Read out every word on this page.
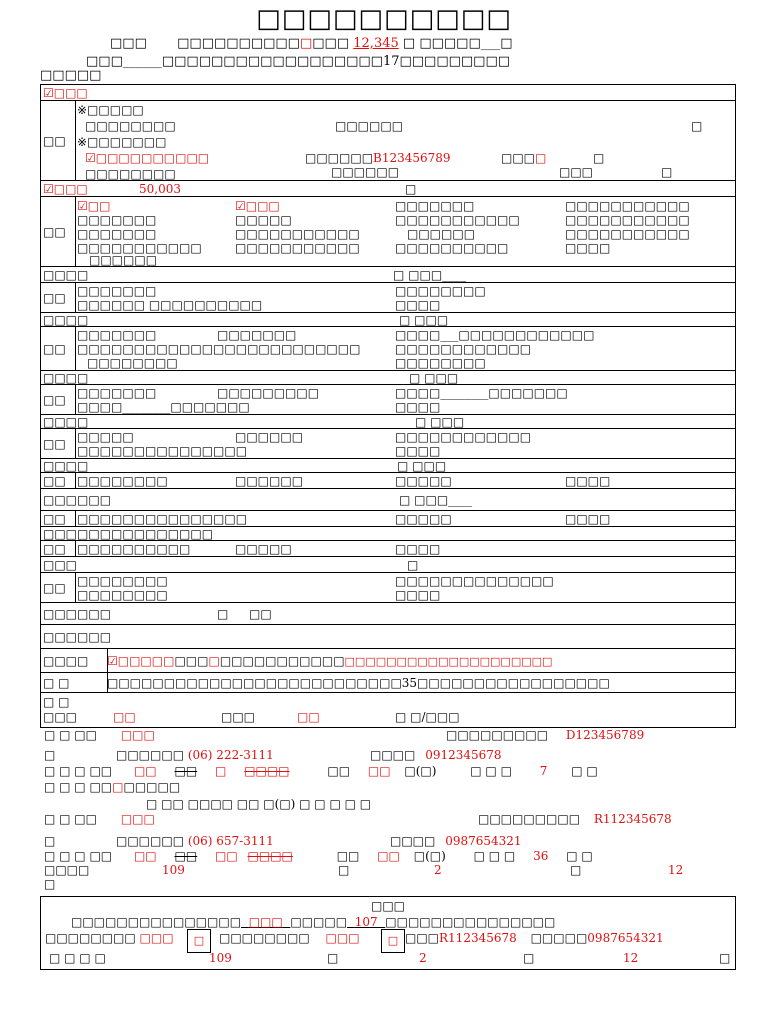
□□□□□□□□□□
□□□ □□□□□□□□□□□□□□ 12,345 □ □□□□□___□
□□□______□□□□□□□□□□□□□□□□□□17□□□□□□□□□
□□□□□
☑□□□
□□
※□□□□□
□□□□□□□□	□□□□□□	□
※□□□□□□□
☑□□□□□□□□□□	□□□□□□B123456789	□□□□	□
□□□□□□□□	□□□□□□	□□□	□
☑□□□	50,003	□
□□
☑□□	☑□□□	□□□□□□□	□□□□□□□□□□□
□□□□□□□	□□□□□	□□□□□□□□□□□	□□□□□□□□□□□
□□□□□□□	□□□□□□□□□□□	□□□□□□	□□□□□□□□□□□
□□□□□□□□□□□	□□□□□□□□□□□	□□□□□□□□□□	□□□□
□□□□□□
□□□□	□ □□□____
□□ □□□□□□□	□□□□□□□□
□□□□□□ □□□□□□□□□□	□□□□
□□□□	□ □□□____
□□
□□□□□□□	□□□□□□□	□□□□___□□□□□□□□□□□□
□□□□□□□□□□□□□□□□□□□□□□□□□	□□□□□□□□□□□□
□□□□□□□□	□□□□□□□□
□□□□	□ □□□____
□□ □□□□□□□	□□□□□□□□□	□□□□________□□□□□□□
□□□□________□□□□□□□	□□□□
□□□□	□ □□□____
□□ □□□□□	□□□□□□	□□□□□□□□□□□□
□□□□□□□□□□□□□□□	□□□□
□□□□	□ □□□____
□□ □□□□□□□□	□□□□□□	□□□□□	□□□□
□□□□□□	□ □□□____
□□ □□□□□□□□□□□□□□□	□□□□□	□□□□
□□□□□□□□□□□□□□□
□□ □□□□□□□□□□	□□□□□	□□□□
□□□	□
□□ □□□□□□□□	□□□□□□□□□□□□□□
□□□□□□□□	□□□□
□□□□□□	□ □□
□□□□□□
□□□□	☑□□□□□□□□□□□□□□□□□□□□□□□□□□□□□□□□□□□□□□□□
□ □	□□□□□□□□□□□□□□□□□□□□□□□□□□35□□□□□□□□□□□□□□□□□
□ □
□□□	□□	□□□	□□	□ □/□□□
□ □ □□ □□□	□□□□□□□□□ D123456789
□	□□□□□□ (06) 222-3111	□□□□ 0912345678
□ □ □ □□ □□ □□ □ □□□□	□□ □□ □(□)	□ □ □ 7 □ □
□ □ □ □□□□□□□□
□ □□ □□□□ □□ □(□) □ □ □ □ □
□ □ □□ □□□	□□□□□□□□□ R112345678
□	□□□□□□ (06) 657-3111	□□□□ 0987654321
□ □ □ □□ □□ □□ □□ □□□□	□□ □□ □(□) □ □ □ 36 □ □
□□□□	109	□	2	□	12
□
□□□
□□□□□□□□□□□□□□□ □□□ □□□□□ 107 □□□□□□□□□□□□□□□
□□□□□□□□ □□□	□	□□□□□□□□ □□□	□ □□□R112345678 □□□□□0987654321
□ □ □ □	109	□	2	□	12	□
